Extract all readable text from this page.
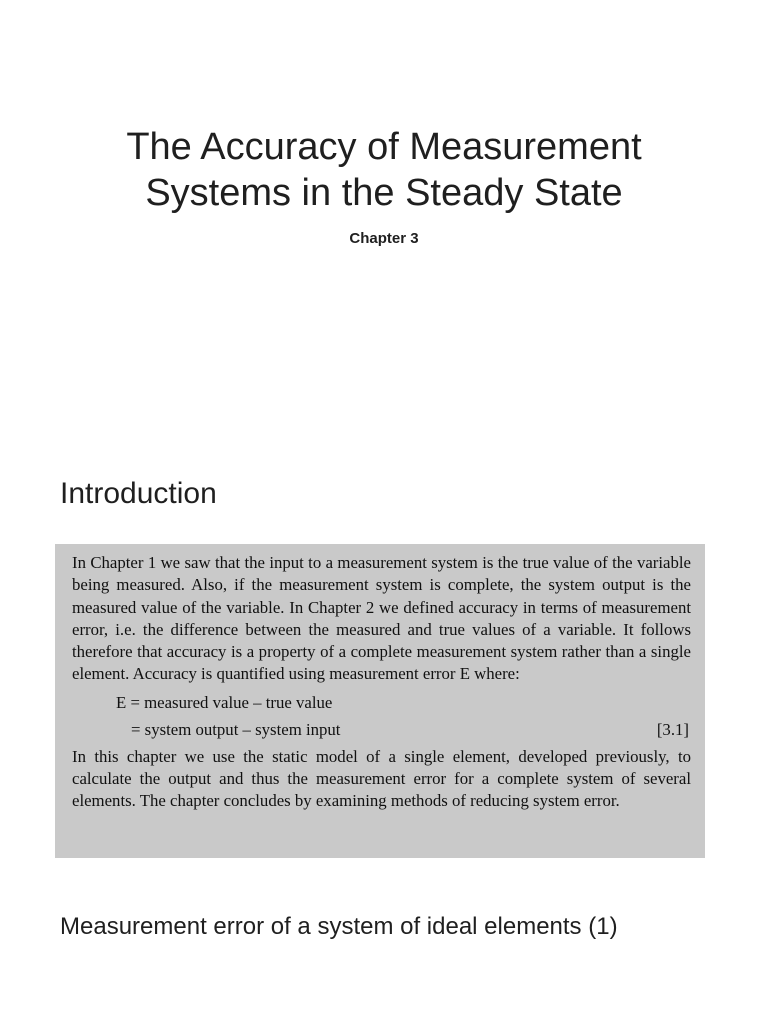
The Accuracy of Measurement
Systems in the Steady State
Chapter 3
Introduction

In Chapter 1 we saw that the input to a measurement system is the true value of the variable being measured. Also, if the measurement system is complete, the system output is the measured value of the variable. In Chapter 2 we defined accuracy in terms of measurement error, i.e. the difference between the measured and true values of a variable. It follows therefore that accuracy is a property of a complete measurement system rather than a single element. Accuracy is quantified using measurement error E where:

E = measured value – true value
= system output – system input	[3.1]

In this chapter we use the static model of a single element, developed previously, to calculate the output and thus the measurement error for a complete system of several elements. The chapter concludes by examining methods of reducing system error.

Measurement error of a system of ideal elements (1)
